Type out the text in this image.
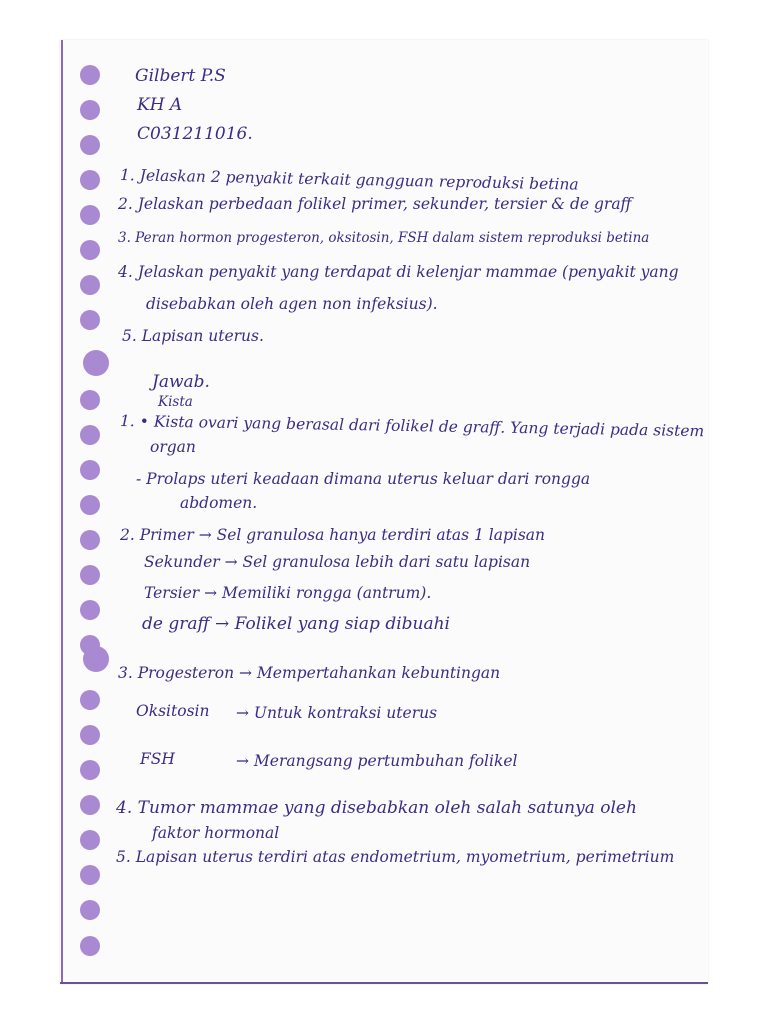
Gilbert P.S
KH A
C031211016.
1. Jelaskan 2 penyakit terkait gangguan reproduksi betina
2. Jelaskan perbedaan folikel primer, sekunder, tersier & de graff
3. Peran hormon progesteron, oksitosin, FSH dalam sistem reproduksi betina
4. Jelaskan penyakit yang terdapat di kelenjar mammae (penyakit yang
disebabkan oleh agen non infeksius).
5. Lapisan uterus.
Jawab.
Kista
1. • Kista ovari yang berasal dari folikel de graff. Yang terjadi pada sistem
organ
- Prolaps uteri keadaan dimana uterus keluar dari rongga
abdomen.
2. Primer → Sel granulosa hanya terdiri atas 1 lapisan
Sekunder → Sel granulosa lebih dari satu lapisan
Tersier → Memiliki rongga (antrum).
de graff → Folikel yang siap dibuahi
3. Progesteron → Mempertahankan kebuntingan
Oksitosin → Untuk kontraksi uterus
FSH	→ Merangsang pertumbuhan folikel
4. Tumor mammae yang disebabkan oleh salah satunya oleh
faktor hormonal
5. Lapisan uterus terdiri atas endometrium, myometrium, perimetrium
